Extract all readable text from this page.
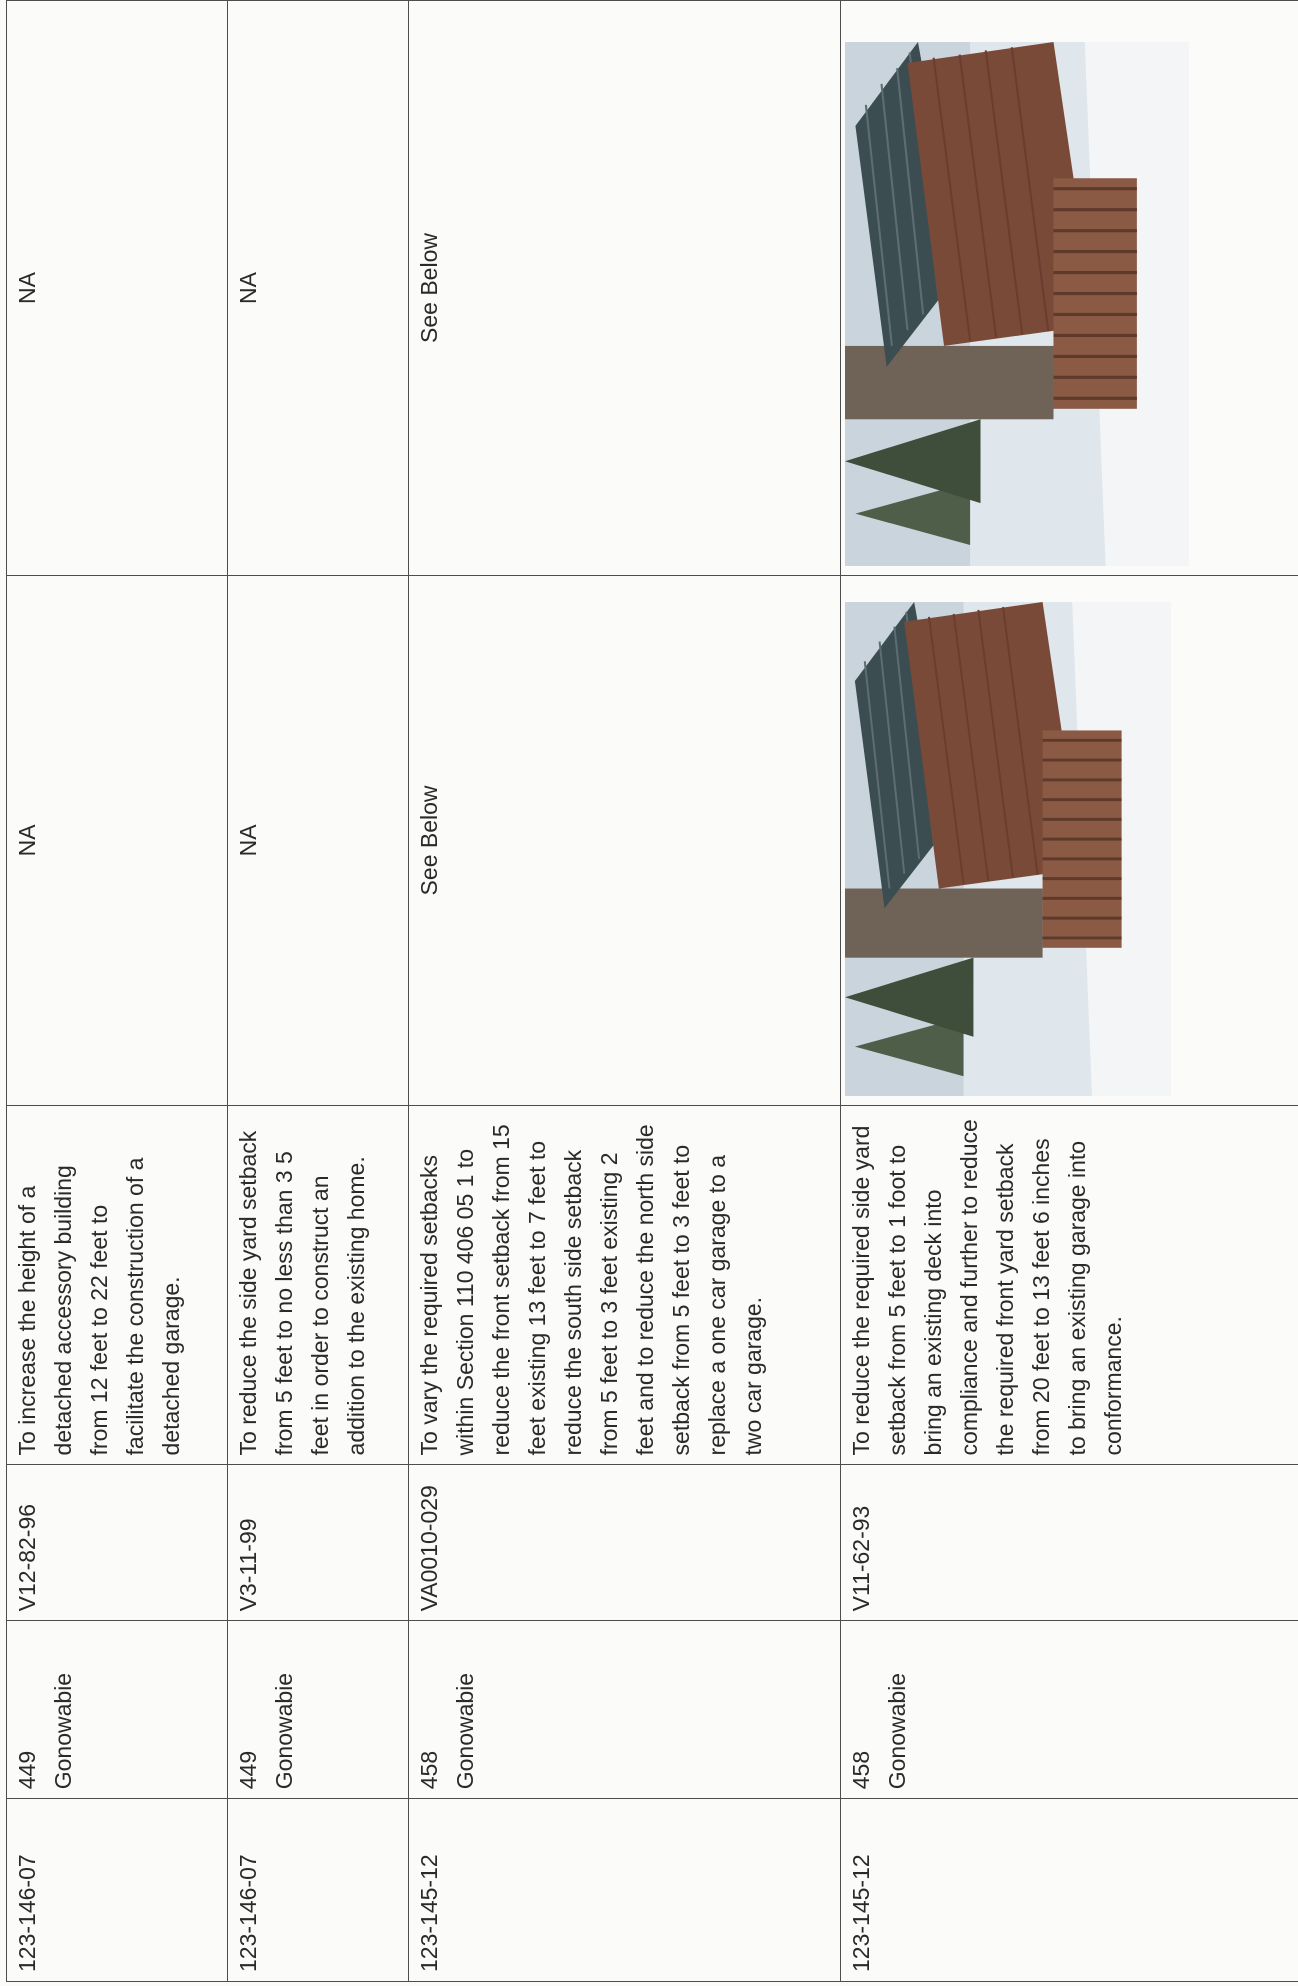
123-146-07	449 Gonowabie	V12-82-96	To increase the height of a detached accessory building from 12 feet to 22 feet to facilitate the construction of a detached garage.	NA	NA
123-146-07	449 Gonowabie	V3-11-99	To reduce the side yard setback from 5 feet to no less than 3 5 feet in order to construct an addition to the existing home.	NA	NA
123-145-12	458 Gonowabie	VA0010-029	To vary the required setbacks within Section 110 406 05 1 to reduce the front setback from 15 feet existing 13 feet to 7 feet to reduce the south side setback from 5 feet to 3 feet existing 2 feet and to reduce the north side setback from 5 feet to 3 feet to replace a one car garage to a two car garage.	See Below	See Below
123-145-12	458 Gonowabie	V11-62-93	To reduce the required side yard setback from 5 feet to 1 foot to bring an existing deck into compliance and further to reduce the required front yard setback from 20 feet to 13 feet 6 inches to bring an existing garage into conformance.	
